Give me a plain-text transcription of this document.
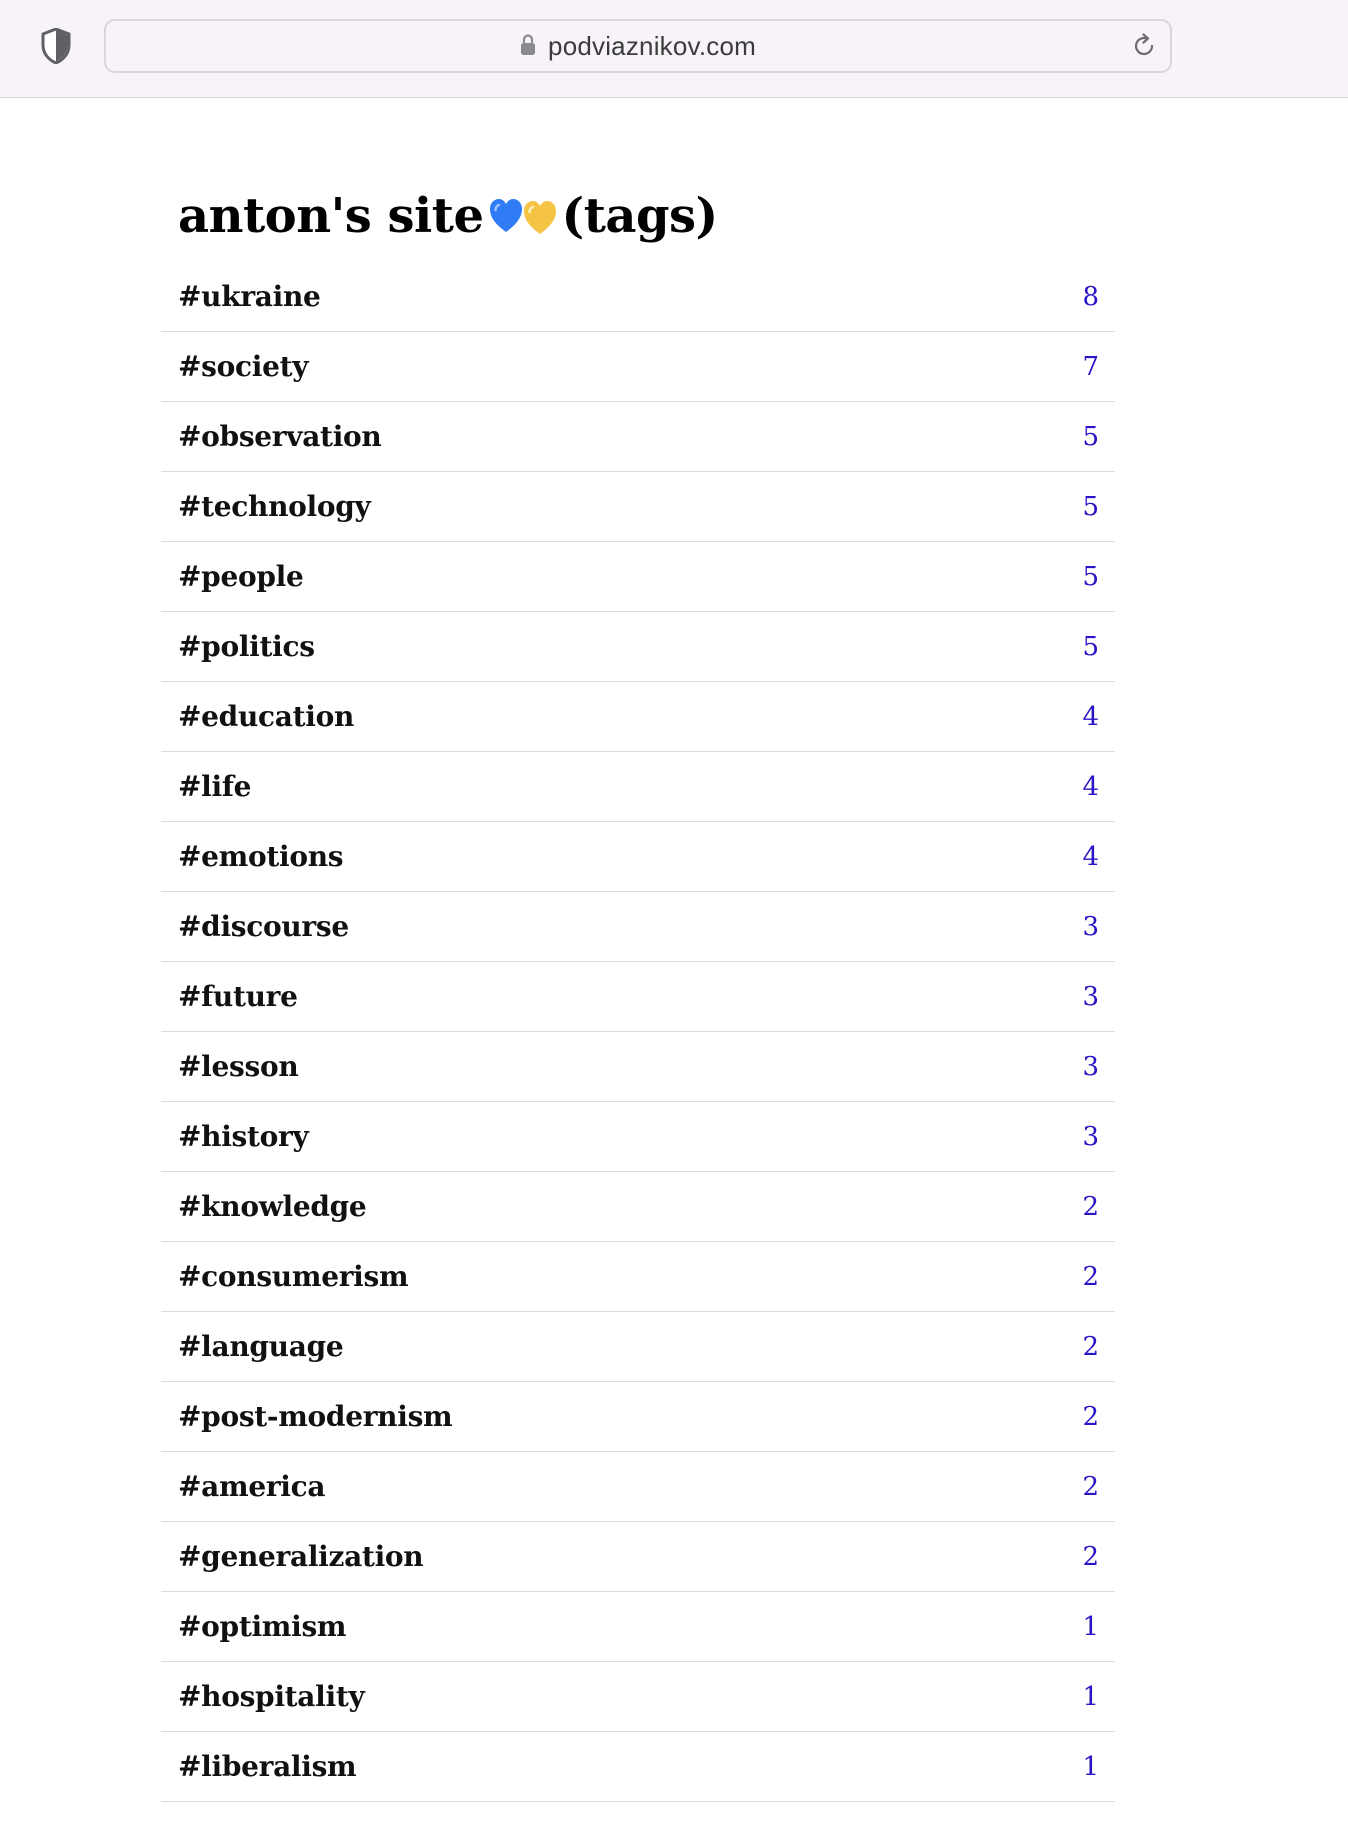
podviaznikov.com
anton's site (tags)
#ukraine	8
#society	7
#observation	5
#technology	5
#people	5
#politics	5
#education	4
#life	4
#emotions	4
#discourse	3
#future	3
#lesson	3
#history	3
#knowledge	2
#consumerism	2
#language	2
#post-modernism	2
#america	2
#generalization	2
#optimism	1
#hospitality	1
#liberalism	1
